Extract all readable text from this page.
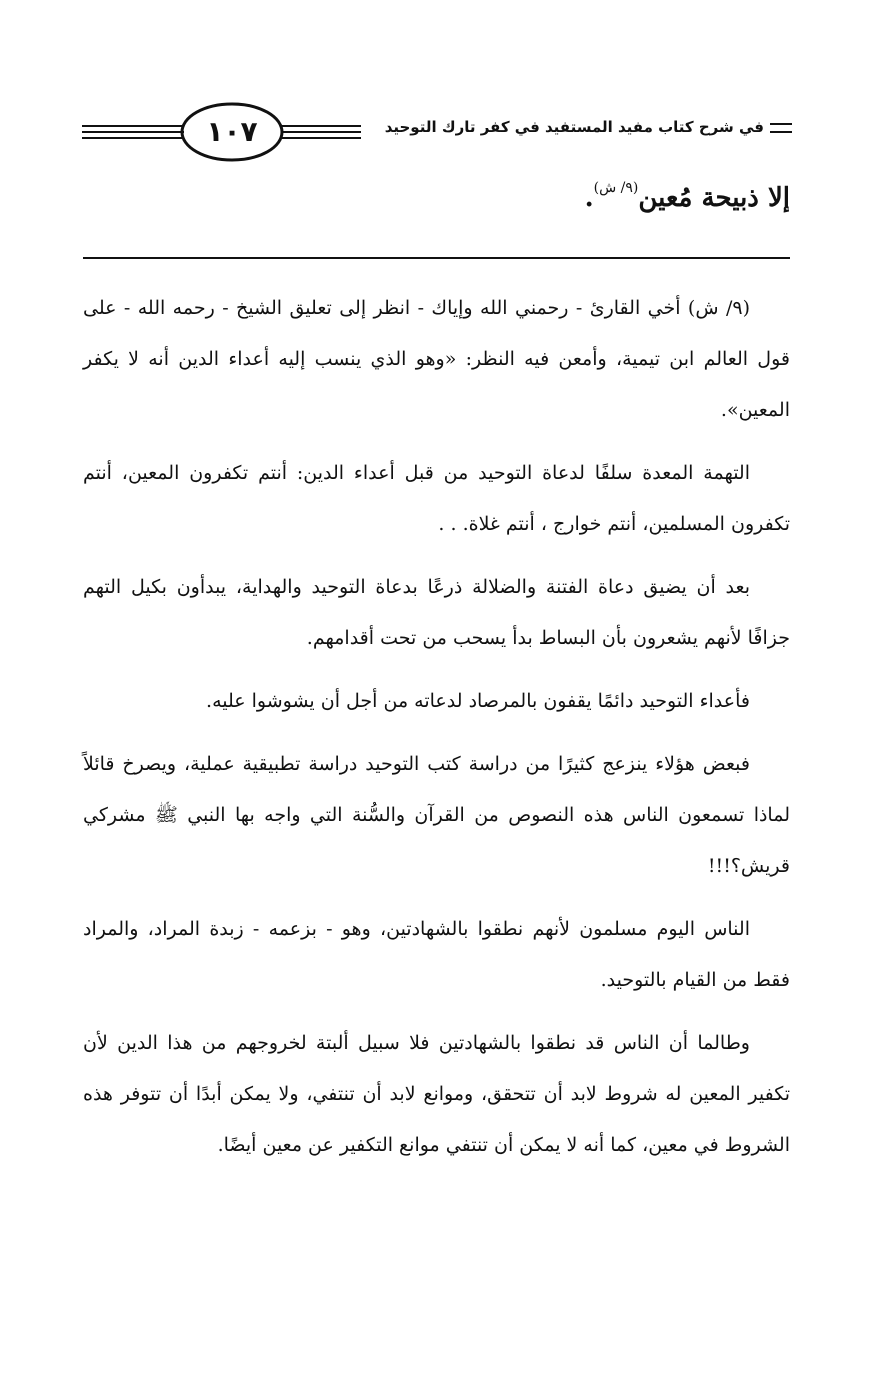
١٠٧	في شرح كتاب مفيد المستفيد في كفر تارك التوحيد
إلا ذبيحة مُعين$^{(٩/ ش)}$.

(٩/ ش) أخي القارئ - رحمني الله وإياك - انظر إلى تعليق الشيخ - رحمه الله - على قول العالم ابن تيمية، وأمعن فيه النظر: «وهو الذي ينسب إليه أعداء الدين أنه لا يكفر المعين».

التهمة المعدة سلفًا لدعاة التوحيد من قبل أعداء الدين: أنتم تكفرون المعين، أنتم تكفرون المسلمين، أنتم خوارج ، أنتم غلاة. . .

بعد أن يضيق دعاة الفتنة والضلالة ذرعًا بدعاة التوحيد والهداية، يبدأون بكيل التهم جزافًا لأنهم يشعرون بأن البساط بدأ يسحب من تحت أقدامهم.

فأعداء التوحيد دائمًا يقفون بالمرصاد لدعاته من أجل أن يشوشوا عليه.

فبعض هؤلاء ينزعج كثيرًا من دراسة كتب التوحيد دراسة تطبيقية عملية، ويصرخ قائلاً لماذا تسمعون الناس هذه النصوص من القرآن والسُّنة التي واجه بها النبي ﷺ مشركي قريش؟!!!

الناس اليوم مسلمون لأنهم نطقوا بالشهادتين، وهو - بزعمه - زبدة المراد، والمراد فقط من القيام بالتوحيد.

وطالما أن الناس قد نطقوا بالشهادتين فلا سبيل ألبتة لخروجهم من هذا الدين لأن تكفير المعين له شروط لابد أن تتحقق، وموانع لابد أن تنتفي، ولا يمكن أبدًا أن تتوفر هذه الشروط في معين، كما أنه لا يمكن أن تنتفي موانع التكفير عن معين أيضًا.
